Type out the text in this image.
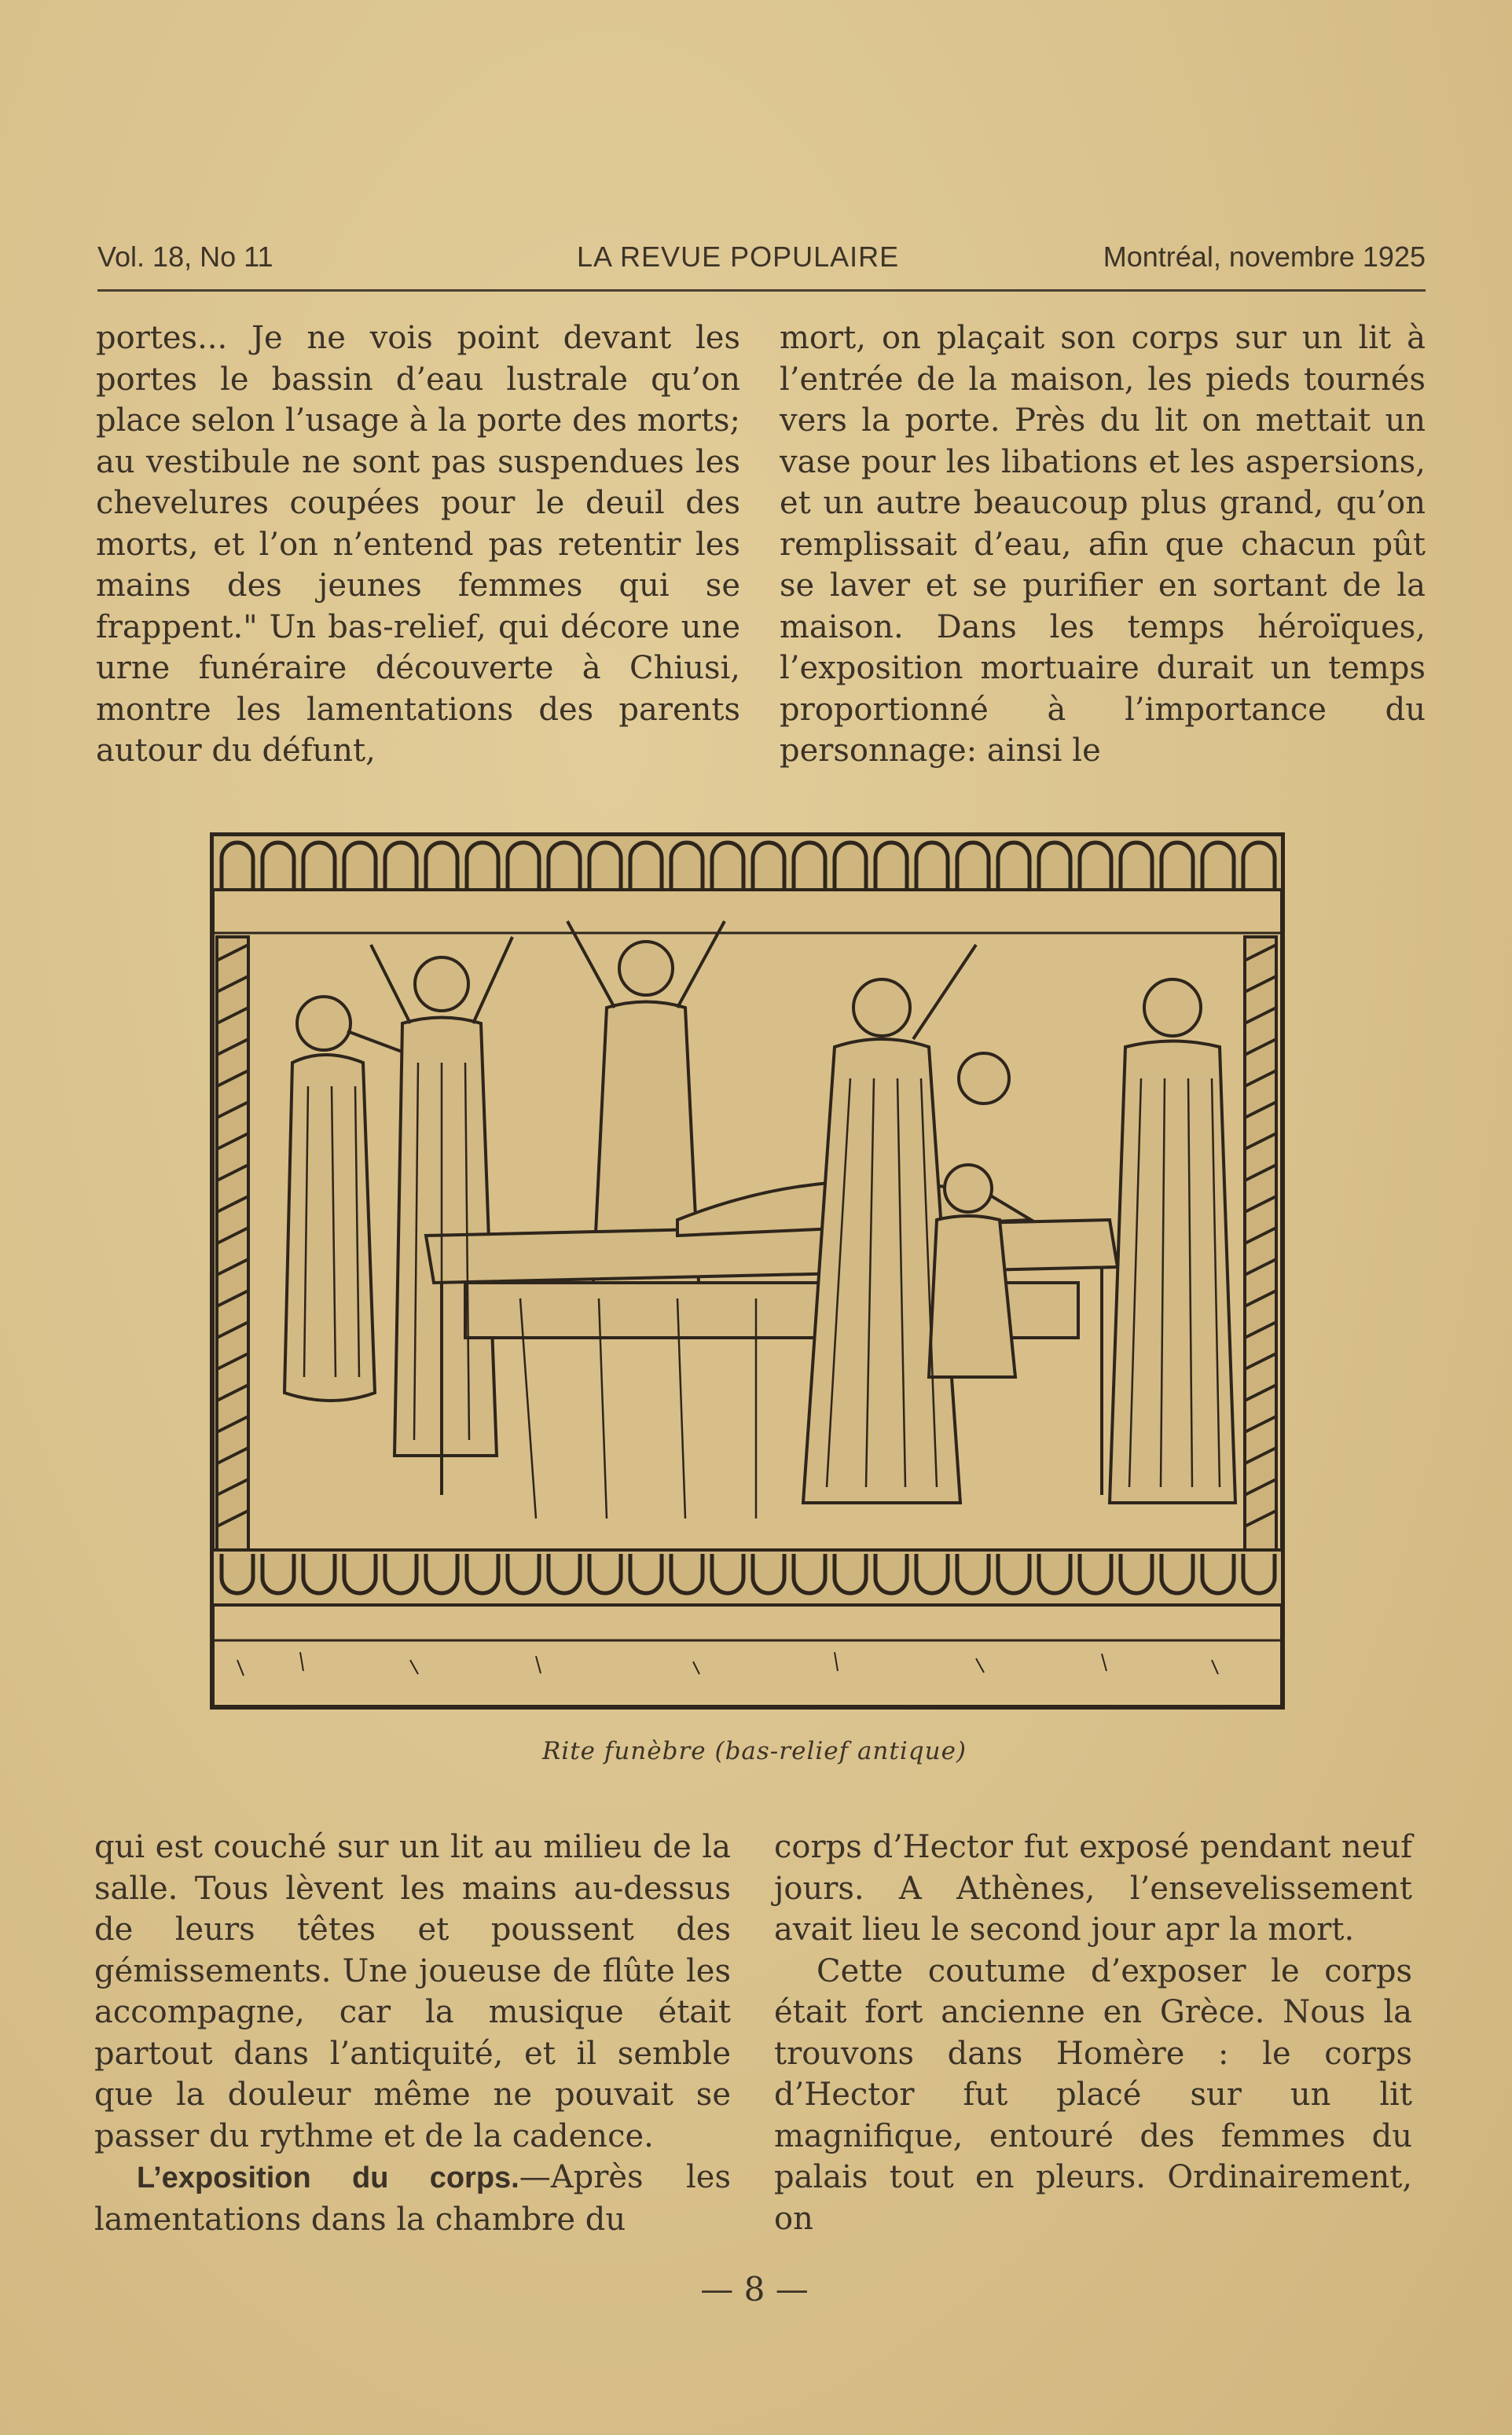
Vol. 18, No 11	LA REVUE POPULAIRE	Montréal, novembre 1925

portes... Je ne vois point devant les portes le bassin d’eau lustrale qu’on place selon l’usage à la porte des morts; au vestibule ne sont pas suspendues les chevelures coupées pour le deuil des morts, et l’on n’entend pas retentir les mains des jeunes femmes qui se frappent." Un bas-relief, qui décore une urne funéraire découverte à Chiusi, montre les lamentations des parents autour du défunt,

mort, on plaçait son corps sur un lit à l’entrée de la maison, les pieds tournés vers la porte. Près du lit on mettait un vase pour les libations et les aspersions, et un autre beaucoup plus grand, qu’on remplissait d’eau, afin que chacun pût se laver et se purifier en sortant de la maison. Dans les temps héroïques, l’exposition mortuaire durait un temps proportionné à l’importance du personnage: ainsi le

Rite funèbre (bas-relief antique)

qui est couché sur un lit au milieu de la salle. Tous lèvent les mains au-dessus de leurs têtes et poussent des gémissements. Une joueuse de flûte les accompagne, car la musique était partout dans l’antiquité, et il semble que la douleur même ne pouvait se passer du rythme et de la cadence.

L’exposition du corps.—Après les lamentations dans la chambre du

corps d’Hector fut exposé pendant neuf jours. A Athènes, l’ensevelissement avait lieu le second jour apr la mort.

Cette coutume d’exposer le corps était fort ancienne en Grèce. Nous la trouvons dans Homère : le corps d’Hector fut placé sur un lit magnifique, entouré des femmes du palais tout en pleurs. Ordinairement, on

— 8 —
